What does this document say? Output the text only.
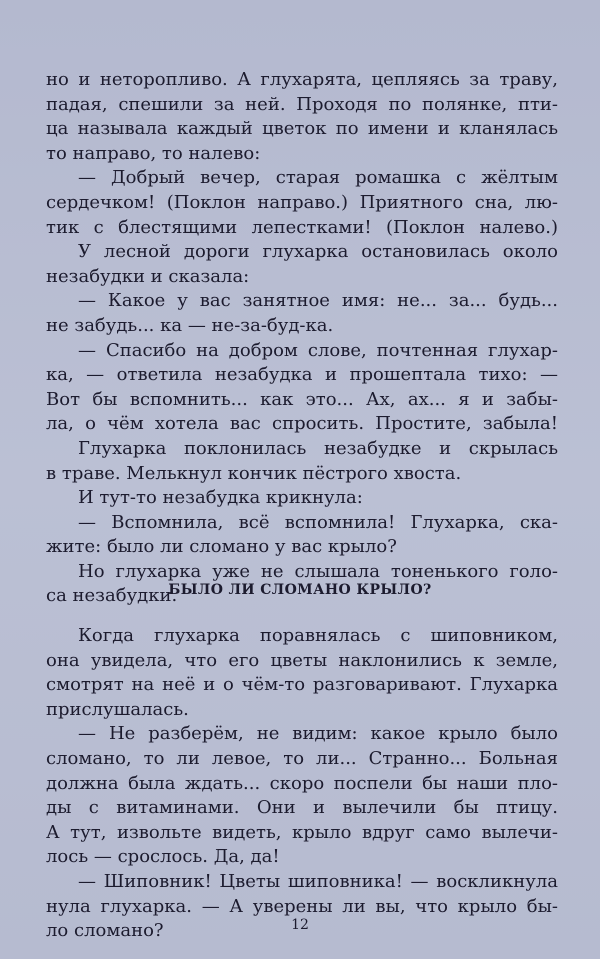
но и неторопливо. А глухарята, цепляясь за траву,
падая, спешили за ней. Проходя по полянке, пти-
ца называла каждый цветок по имени и кланялась
то направо, то налево:
— Добрый вечер, старая ромашка с жёлтым
сердечком! (Поклон направо.) Приятного сна, лю-
тик с блестящими лепестками! (Поклон налево.)
У лесной дороги глухарка остановилась около
незабудки и сказала:
— Какое у вас занятное имя: не... за... будь...
не забудь... ка — не-за-буд-ка.
— Спасибо на добром слове, почтенная глухар-
ка, — ответила незабудка и прошептала тихо: —
Вот бы вспомнить... как это... Ах, ах... я и забы-
ла, о чём хотела вас спросить. Простите, забыла!
Глухарка поклонилась незабудке и скрылась
в траве. Мелькнул кончик пёстрого хвоста.
И тут-то незабудка крикнула:
— Вспомнила, всё вспомнила! Глухарка, ска-
жите: было ли сломано у вас крыло?
Но глухарка уже не слышала тоненького голо-
са незабудки.
БЫЛО ЛИ СЛОМАНО КРЫЛО?
Когда глухарка поравнялась с шиповником,
она увидела, что его цветы наклонились к земле,
смотрят на неё и о чём-то разговаривают. Глухарка
прислушалась.
— Не разберём, не видим: какое крыло было
сломано, то ли левое, то ли... Странно... Больная
должна была ждать... скоро поспели бы наши пло-
ды с витаминами. Они и вылечили бы птицу.
А тут, извольте видеть, крыло вдруг само вылечи-
лось — срослось. Да, да!
— Шиповник! Цветы шиповника! — воскликнула
нула глухарка. — А уверены ли вы, что крыло бы-
ло сломано?	12
